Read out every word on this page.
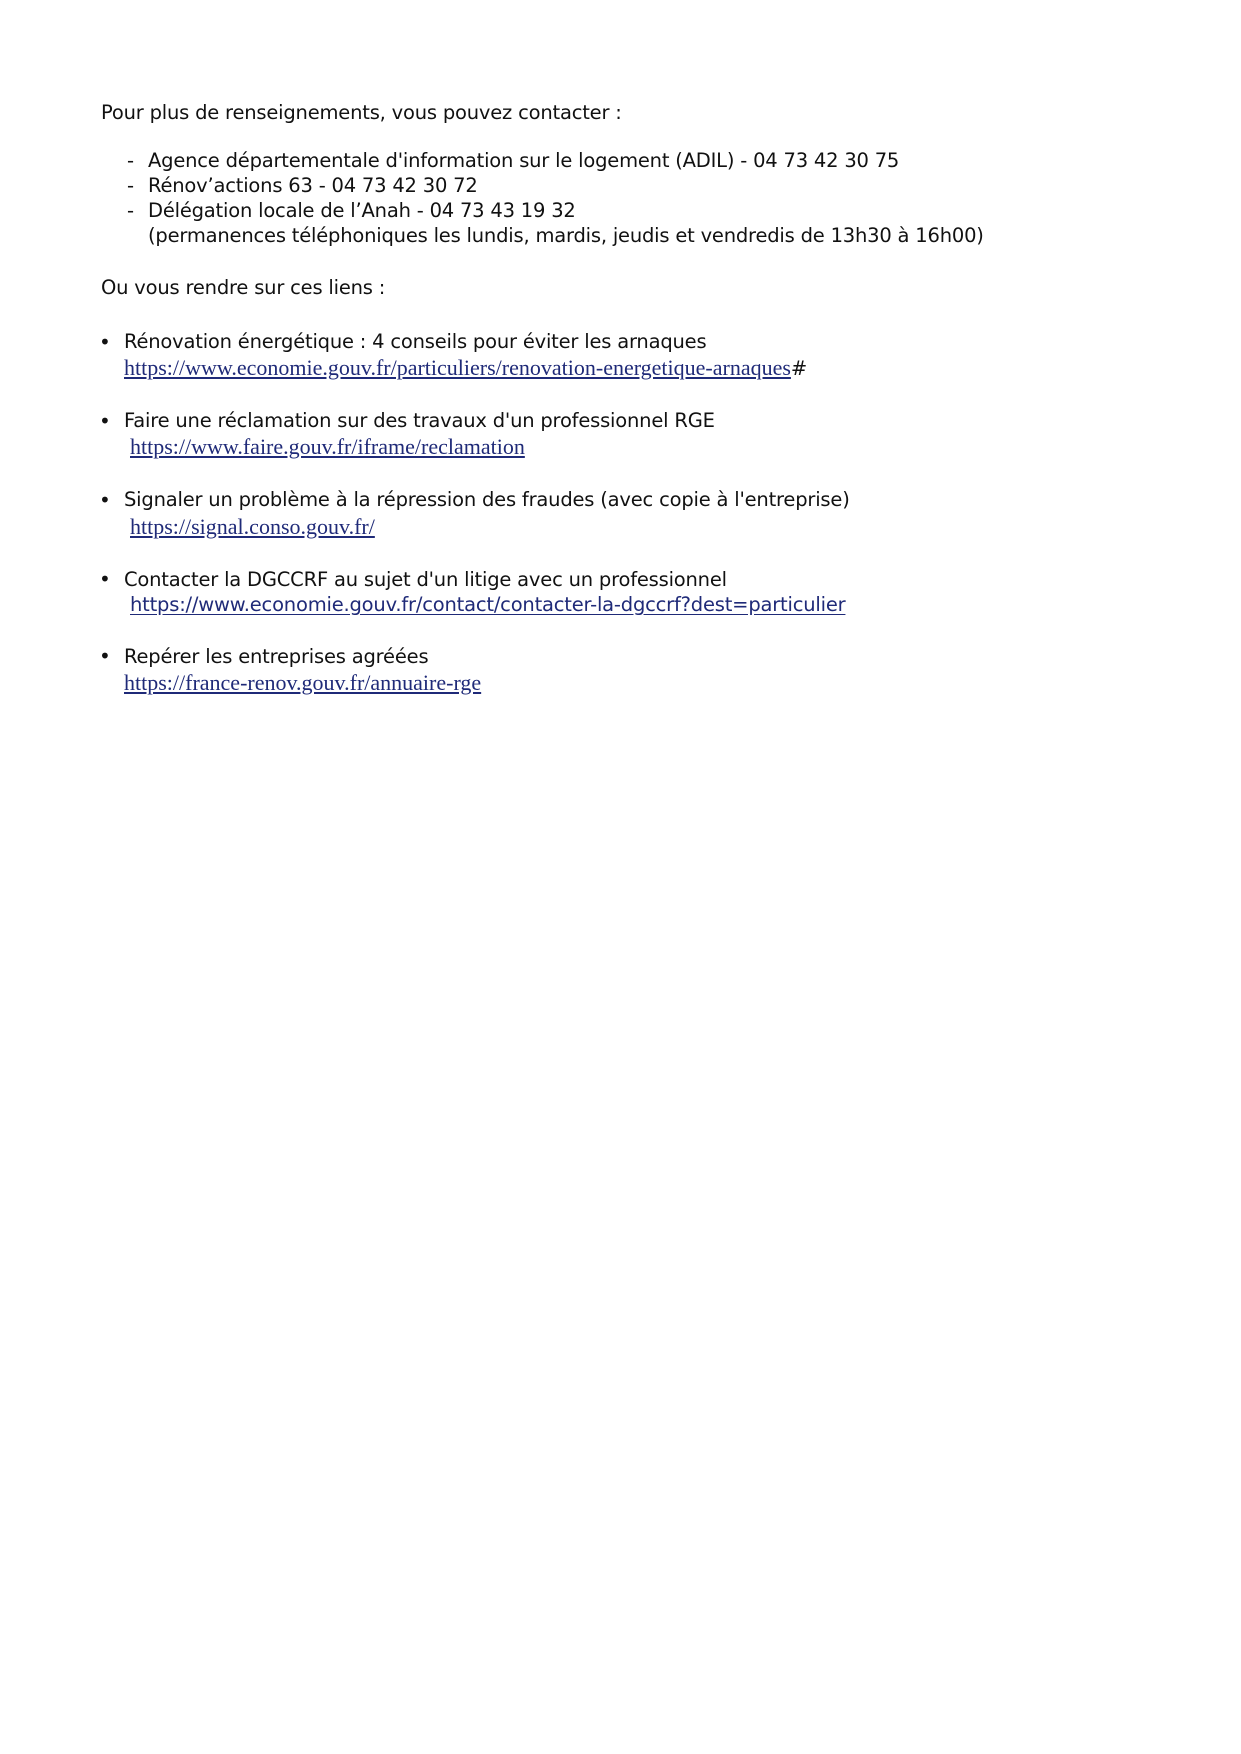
Pour plus de renseignements, vous pouvez contacter :
- Agence départementale d'information sur le logement (ADIL) - 04 73 42 30 75
- Rénov’actions 63 - 04 73 42 30 72
- Délégation locale de l’Anah - 04 73 43 19 32
(permanences téléphoniques les lundis, mardis, jeudis et vendredis de 13h30 à 16h00)
Ou vous rendre sur ces liens :
• Rénovation énergétique : 4 conseils pour éviter les arnaques
https://www.economie.gouv.fr/particuliers/renovation-energetique-arnaques#
• Faire une réclamation sur des travaux d'un professionnel RGE
https://www.faire.gouv.fr/iframe/reclamation
• Signaler un problème à la répression des fraudes (avec copie à l'entreprise)
https://signal.conso.gouv.fr/
• Contacter la DGCCRF au sujet d'un litige avec un professionnel
https://www.economie.gouv.fr/contact/contacter-la-dgccrf?dest=particulier
• Repérer les entreprises agréées
https://france-renov.gouv.fr/annuaire-rge
